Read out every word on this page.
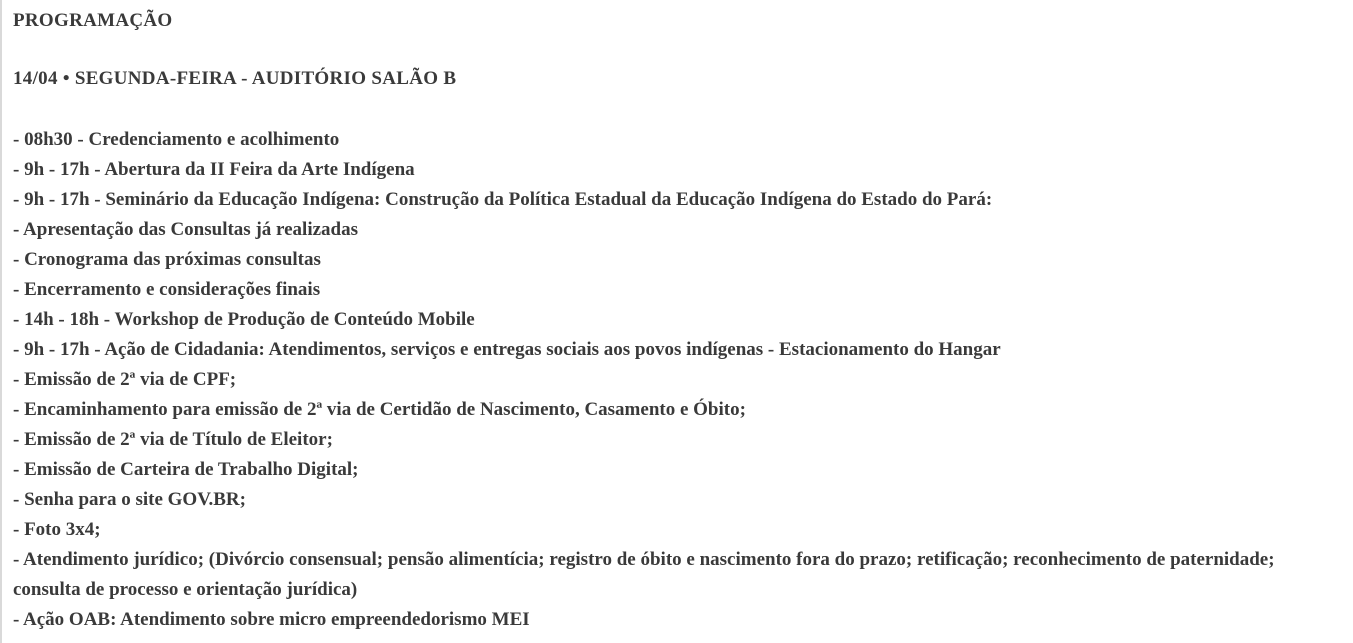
PROGRAMAÇÃO
14/04 • SEGUNDA-FEIRA - AUDITÓRIO SALÃO B
- 08h30 - Credenciamento e acolhimento
- 9h - 17h - Abertura da II Feira da Arte Indígena
- 9h - 17h - Seminário da Educação Indígena: Construção da Política Estadual da Educação Indígena do Estado do Pará:
- Apresentação das Consultas já realizadas
- Cronograma das próximas consultas
- Encerramento e considerações finais
- 14h - 18h - Workshop de Produção de Conteúdo Mobile
- 9h - 17h - Ação de Cidadania: Atendimentos, serviços e entregas sociais aos povos indígenas - Estacionamento do Hangar
- Emissão de 2ª via de CPF;
- Encaminhamento para emissão de 2ª via de Certidão de Nascimento, Casamento e Óbito;
- Emissão de 2ª via de Título de Eleitor;
- Emissão de Carteira de Trabalho Digital;
- Senha para o site GOV.BR;
- Foto 3x4;
- Atendimento jurídico; (Divórcio consensual; pensão alimentícia; registro de óbito e nascimento fora do prazo; retificação; reconhecimento de paternidade; consulta de processo e orientação jurídica)
- Ação OAB: Atendimento sobre micro empreendedorismo MEI
